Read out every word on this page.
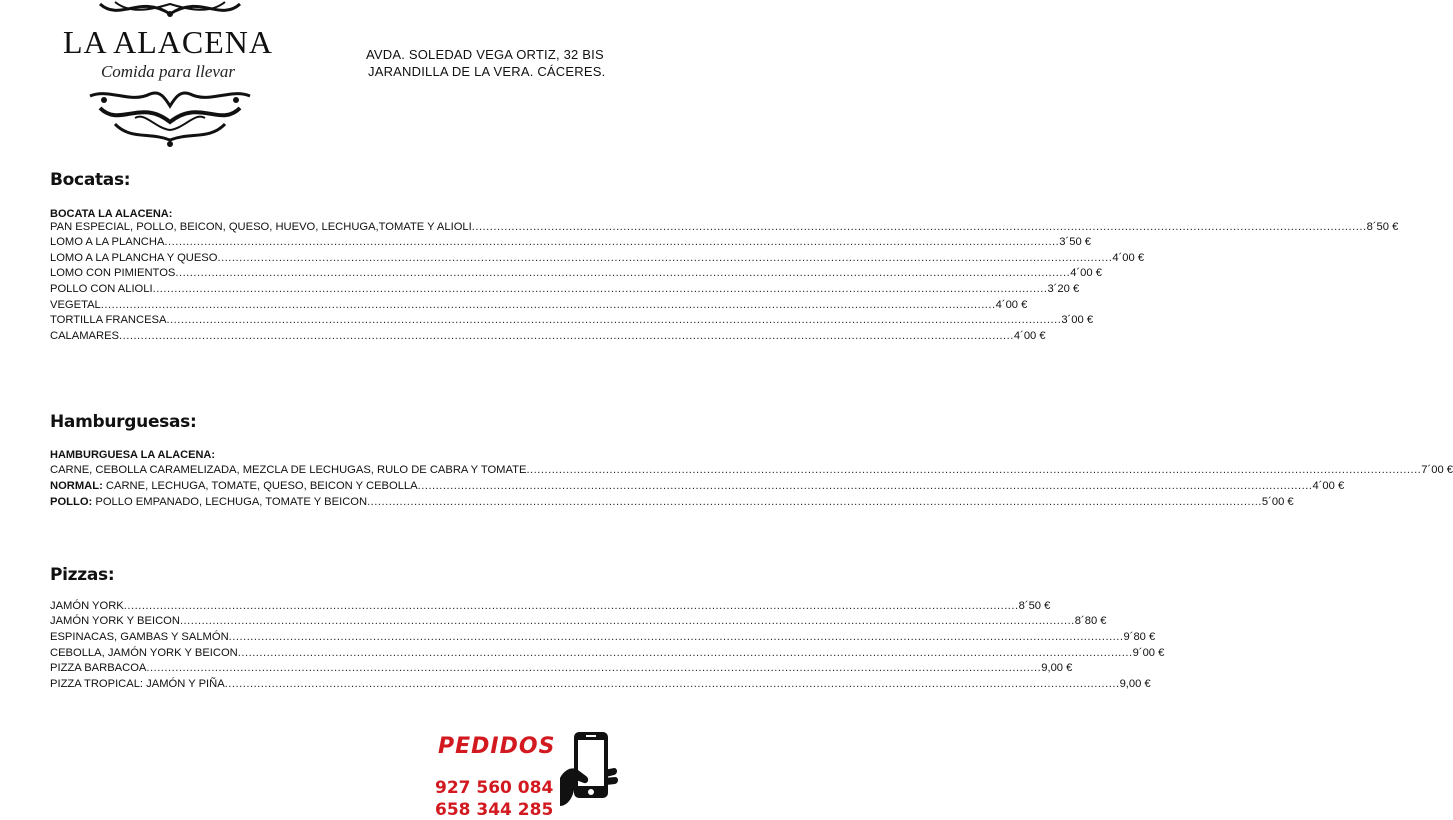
LA ALACENA
Comida para llevar
AVDA. SOLEDAD VEGA ORTIZ, 32 BIS
JARANDILLA DE LA VERA. CÁCERES.
Bocatas:
BOCATA LA ALACENA:
PAN ESPECIAL, POLLO, BEICON, QUESO, HUEVO, LECHUGA,TOMATE Y ALIOLI .....	8´50 €
LOMO A LA PLANCHA .....	3´50 €
LOMO A LA PLANCHA Y QUESO .....	4´00 €
LOMO CON PIMIENTOS .....	4´00 €
POLLO CON ALIOLI .....	3´20 €
VEGETAL .....	4´00 €
TORTILLA FRANCESA .....	3´00 €
CALAMARES .....	4´00 €
Hamburguesas:
HAMBURGUESA LA ALACENA:
CARNE, CEBOLLA CARAMELIZADA, MEZCLA DE LECHUGAS, RULO DE CABRA Y TOMATE .....	7´00 €
NORMAL: CARNE, LECHUGA, TOMATE, QUESO, BEICON Y CEBOLLA .....	4´00 €
POLLO: POLLO EMPANADO, LECHUGA, TOMATE Y BEICON .....	5´00 €
Pizzas:
JAMÓN YORK .....	8´50 €
JAMÓN YORK Y BEICON .....	8´80 €
ESPINACAS, GAMBAS Y SALMÓN .....	9´80 €
CEBOLLA, JAMÓN YORK Y BEICON .....	9´00 €
PIZZA BARBACOA .....	9,00 €
PIZZA TROPICAL: JAMÓN Y PIÑA .....	9,00 €
PEDIDOS
927 560 084
658 344 285
